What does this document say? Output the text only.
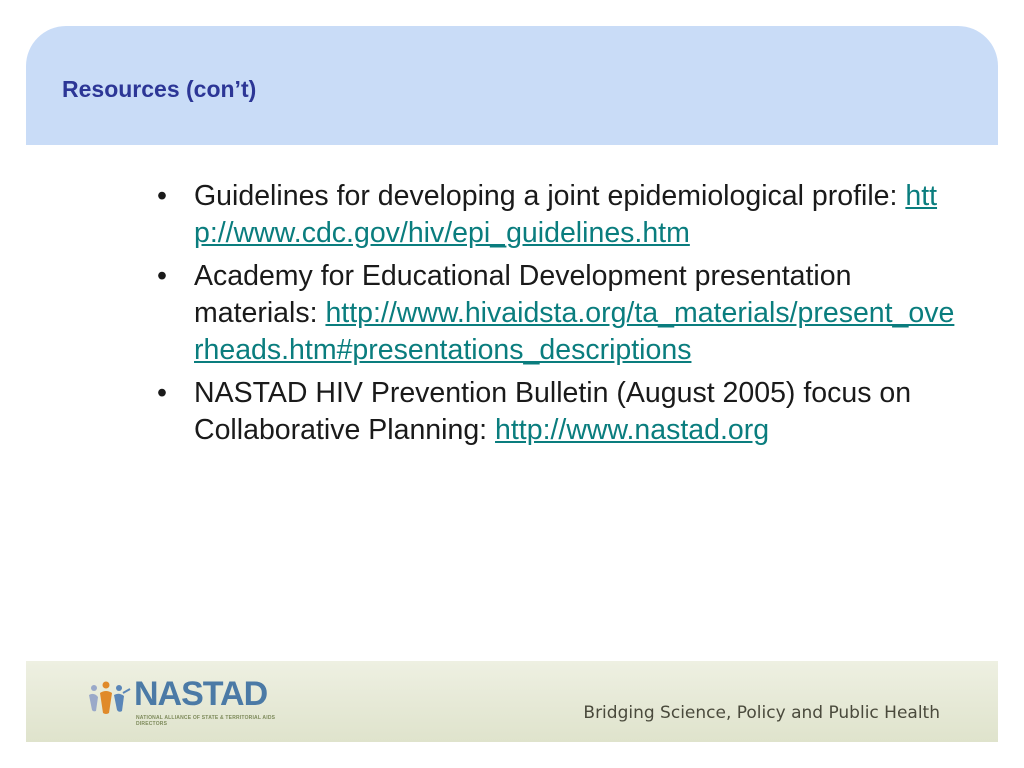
Resources (con’t)
• Guidelines for developing a joint epidemiological profile: http://www.cdc.gov/hiv/epi_guidelines.htm
• Academy for Educational Development presentation materials: http://www.hivaidsta.org/ta_materials/present_overheads.htm#presentations_descriptions
• NASTAD HIV Prevention Bulletin (August 2005) focus on Collaborative Planning: http://www.nastad.org
NASTAD
NATIONAL ALLIANCE OF STATE & TERRITORIAL AIDS DIRECTORS
Bridging Science, Policy and Public Health
